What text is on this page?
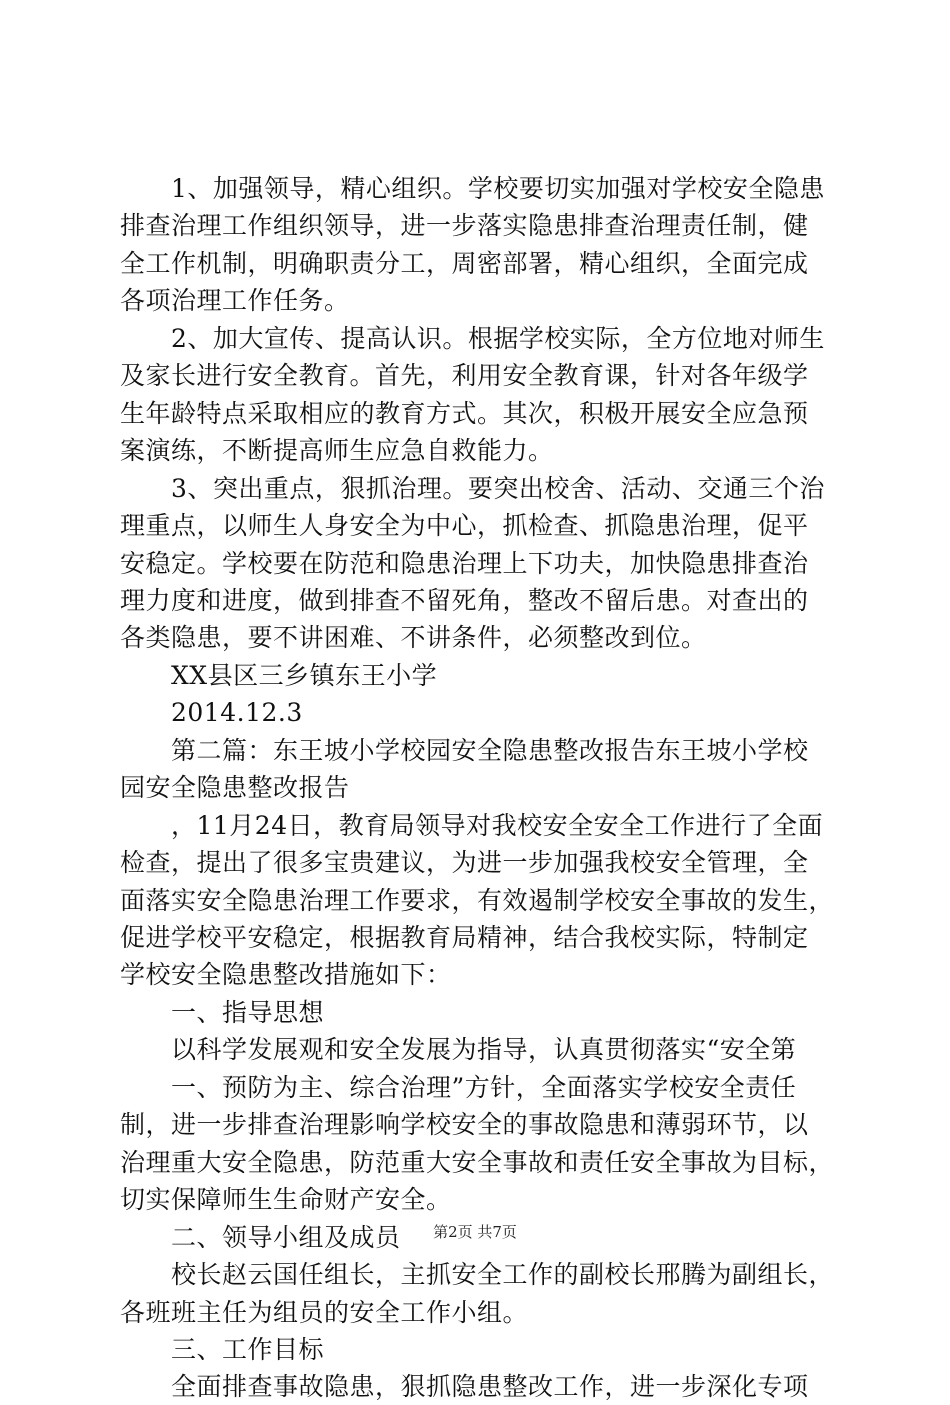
　　1、加强领导，精心组织。学校要切实加强对学校安全隐患
排查治理工作组织领导，进一步落实隐患排查治理责任制，健
全工作机制，明确职责分工，周密部署，精心组织，全面完成
各项治理工作任务。
　　2、加大宣传、提高认识。根据学校实际，全方位地对师生
及家长进行安全教育。首先，利用安全教育课，针对各年级学
生年龄特点采取相应的教育方式。其次，积极开展安全应急预
案演练，不断提高师生应急自救能力。
　　3、突出重点，狠抓治理。要突出校舍、活动、交通三个治
理重点，以师生人身安全为中心，抓检查、抓隐患治理，促平
安稳定。学校要在防范和隐患治理上下功夫，加快隐患排查治
理力度和进度，做到排查不留死角，整改不留后患。对查出的
各类隐患，要不讲困难、不讲条件，必须整改到位。
　　XX县区三乡镇东王小学
　　2014.12.3
　　第二篇：东王坡小学校园安全隐患整改报告东王坡小学校
园安全隐患整改报告
　　，11月24日，教育局领导对我校安全安全工作进行了全面
检查，提出了很多宝贵建议，为进一步加强我校安全管理，全
面落实安全隐患治理工作要求，有效遏制学校安全事故的发生，
促进学校平安稳定，根据教育局精神，结合我校实际，特制定
学校安全隐患整改措施如下：
　　一、指导思想
　　以科学发展观和安全发展为指导，认真贯彻落实“安全第
　　一、预防为主、综合治理”方针，全面落实学校安全责任
制，进一步排查治理影响学校安全的事故隐患和薄弱环节，以
治理重大安全隐患，防范重大安全事故和责任安全事故为目标，
切实保障师生生命财产安全。
　　二、领导小组及成员
　　校长赵云国任组长，主抓安全工作的副校长邢腾为副组长，
各班班主任为组员的安全工作小组。
　　三、工作目标
　　全面排查事故隐患，狠抓隐患整改工作，进一步深化专项
第2页 共7页
